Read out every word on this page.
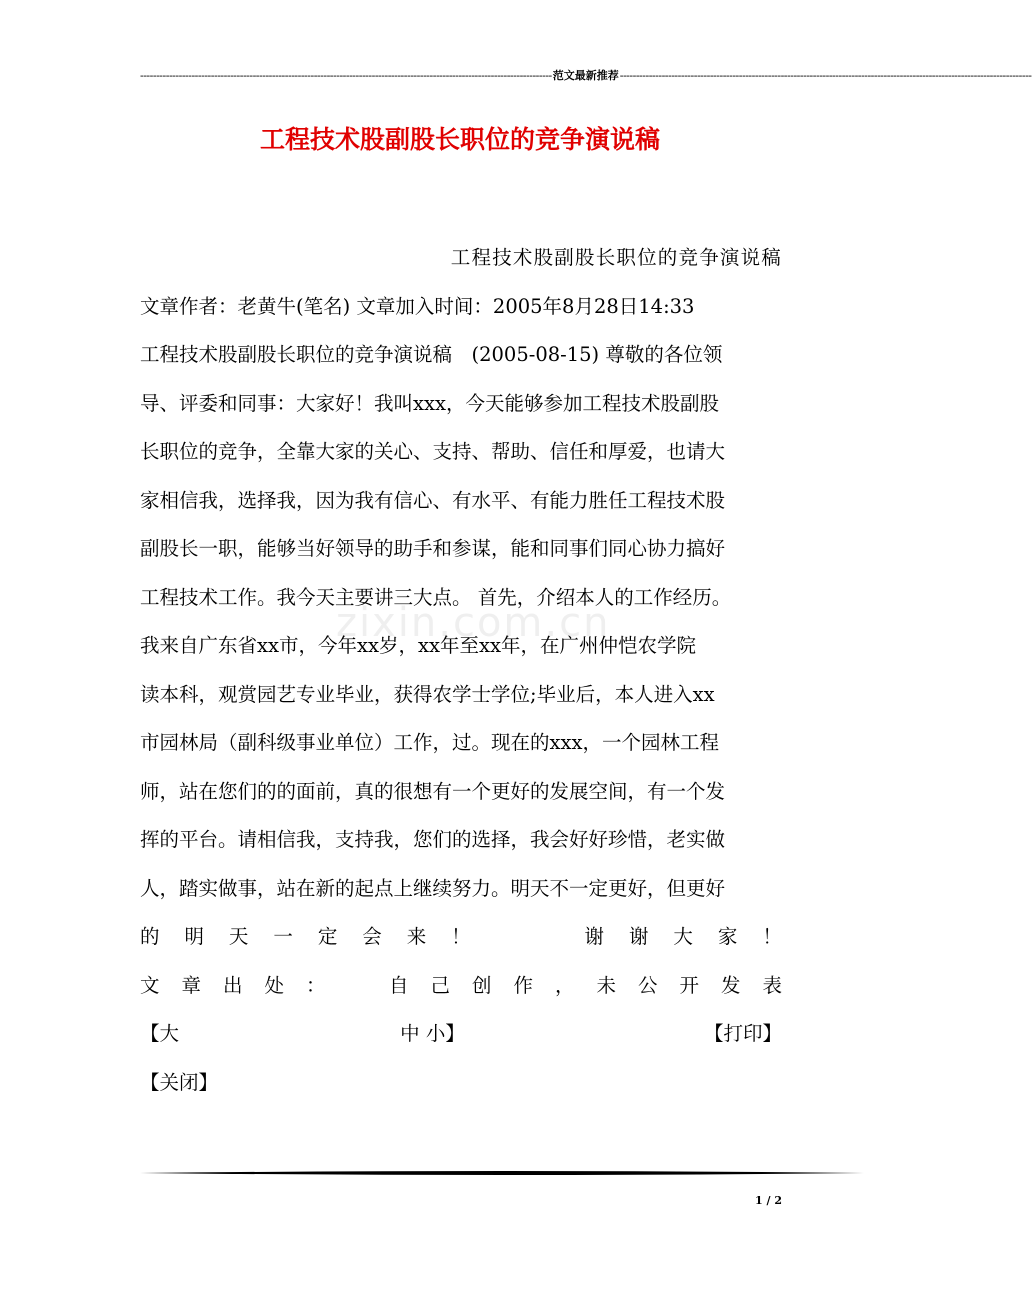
-------------------------------------------------------------------------------------------------------------------------------- 范文最新推荐 --------------------------------------------------------------------------------------------------------------------------------
工程技术股副股长职位的竞争演说稿
zixin.com.cn
工程技术股副股长职位的竞争演说稿
文章作者：老黄牛(笔名) 文章加入时间：2005年8月28日14:33
工程技术股副股长职位的竞争演说稿　(2005-08-15) 尊敬的各位领
导、评委和同事：大家好！我叫xxx，今天能够参加工程技术股副股
长职位的竞争，全靠大家的关心、支持、帮助、信任和厚爱，也请大
家相信我，选择我，因为我有信心、有水平、有能力胜任工程技术股
副股长一职，能够当好领导的助手和参谋，能和同事们同心协力搞好
工程技术工作。我今天主要讲三大点。 首先，介绍本人的工作经历。
我来自广东省xx市，今年xx岁，xx年至xx年，在广州仲恺农学院
读本科，观赏园艺专业毕业，获得农学士学位;毕业后，本人进入xx
市园林局（副科级事业单位）工作，过。现在的xxx，一个园林工程
师，站在您们的的面前，真的很想有一个更好的发展空间，有一个发
挥的平台。请相信我，支持我，您们的选择，我会好好珍惜，老实做
人，踏实做事，站在新的起点上继续努力。明天不一定更好，但更好
的 明 天 一 定 会 来 ！	谢 谢 大 家 ！
文 章 出 处 ：	自 己 创 作 ， 未 公 开 发 表
【大	中 小】	【打印】
【关闭】
1 / 2
